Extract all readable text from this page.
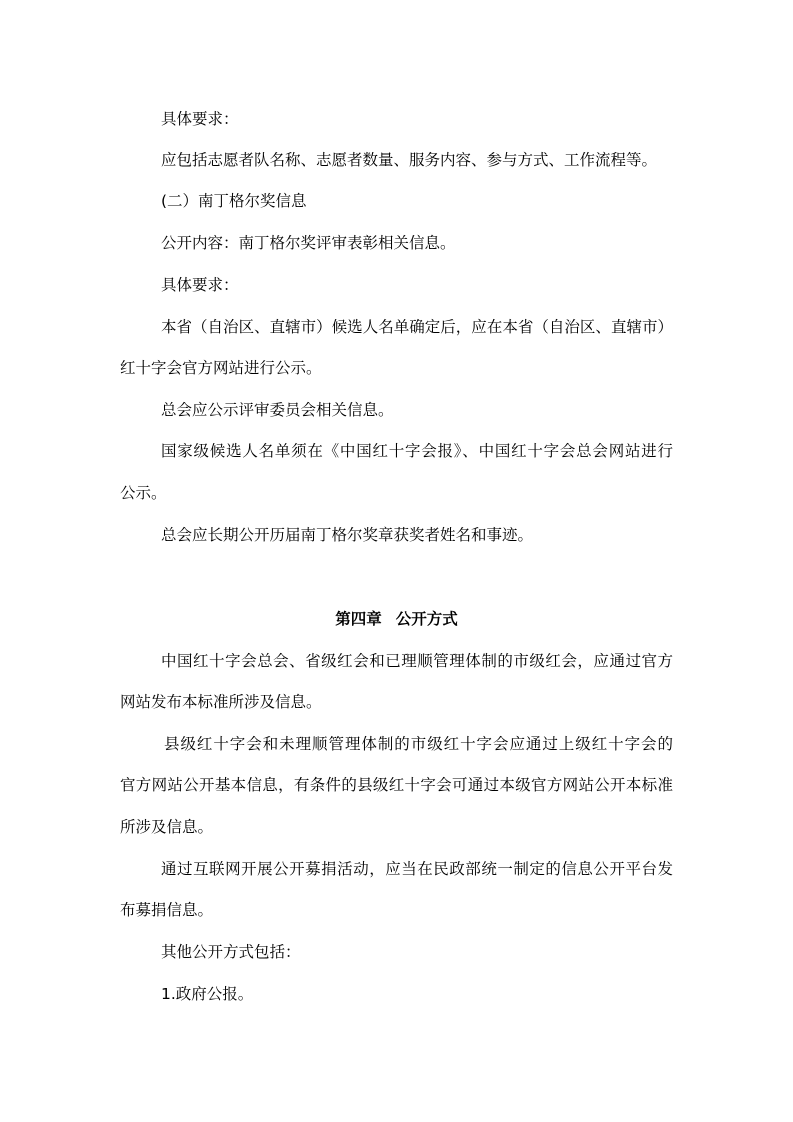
具体要求：
应包括志愿者队名称、志愿者数量、服务内容、参与方式、工作流程等。
(二）南丁格尔奖信息
公开内容：南丁格尔奖评审表彰相关信息。
具体要求：
本省（自治区、直辖市）候选人名单确定后，应在本省（自治区、直辖市）
红十字会官方网站进行公示。
总会应公示评审委员会相关信息。
国家级候选人名单须在《中国红十字会报》、中国红十字会总会网站进行
公示。
总会应长期公开历届南丁格尔奖章获奖者姓名和事迹。
第四章 公开方式
中国红十字会总会、省级红会和已理顺管理体制的市级红会，应通过官方
网站发布本标准所涉及信息。
县级红十字会和未理顺管理体制的市级红十字会应通过上级红十字会的
官方网站公开基本信息，有条件的县级红十字会可通过本级官方网站公开本标准
所涉及信息。
通过互联网开展公开募捐活动，应当在民政部统一制定的信息公开平台发
布募捐信息。
其他公开方式包括：
1.政府公报。
